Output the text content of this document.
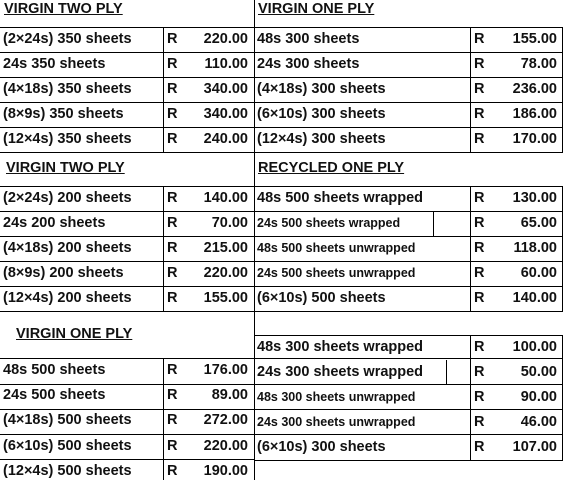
VIRGIN TWO PLY	VIRGIN ONE PLY
VIRGIN TWO PLY	RECYCLED ONE PLY
VIRGIN ONE PLY
(2×24s) 350 sheets	R 220.00
24s 350 sheets	R 110.00
(4×18s) 350 sheets	R 340.00
(8×9s) 350 sheets	R 340.00
(12×4s) 350 sheets	R 240.00
48s 300 sheets	R 155.00
24s 300 sheets	R 78.00
(4×18s) 300 sheets	R 236.00
(6×10s) 300 sheets	R 186.00
(12×4s) 300 sheets	R 170.00
(2×24s) 200 sheets	R 140.00
24s 200 sheets	R 70.00
(4×18s) 200 sheets	R 215.00
(8×9s) 200 sheets	R 220.00
(12×4s) 200 sheets	R 155.00
48s 500 sheets wrapped	R 130.00
24s 500 sheets wrapped	R 65.00
48s 500 sheets unwrapped	R 118.00
24s 500 sheets unwrapped	R 60.00
(6×10s) 500 sheets	R 140.00
48s 500 sheets	R 176.00
24s 500 sheets	R 89.00
(4×18s) 500 sheets	R 272.00
(6×10s) 500 sheets	R 220.00
(12×4s) 500 sheets	R 190.00
48s 300 sheets wrapped	R 100.00
24s 300 sheets wrapped	R 50.00
48s 300 sheets unwrapped	R 90.00
24s 300 sheets unwrapped	R 46.00
(6×10s) 300 sheets	R 107.00
